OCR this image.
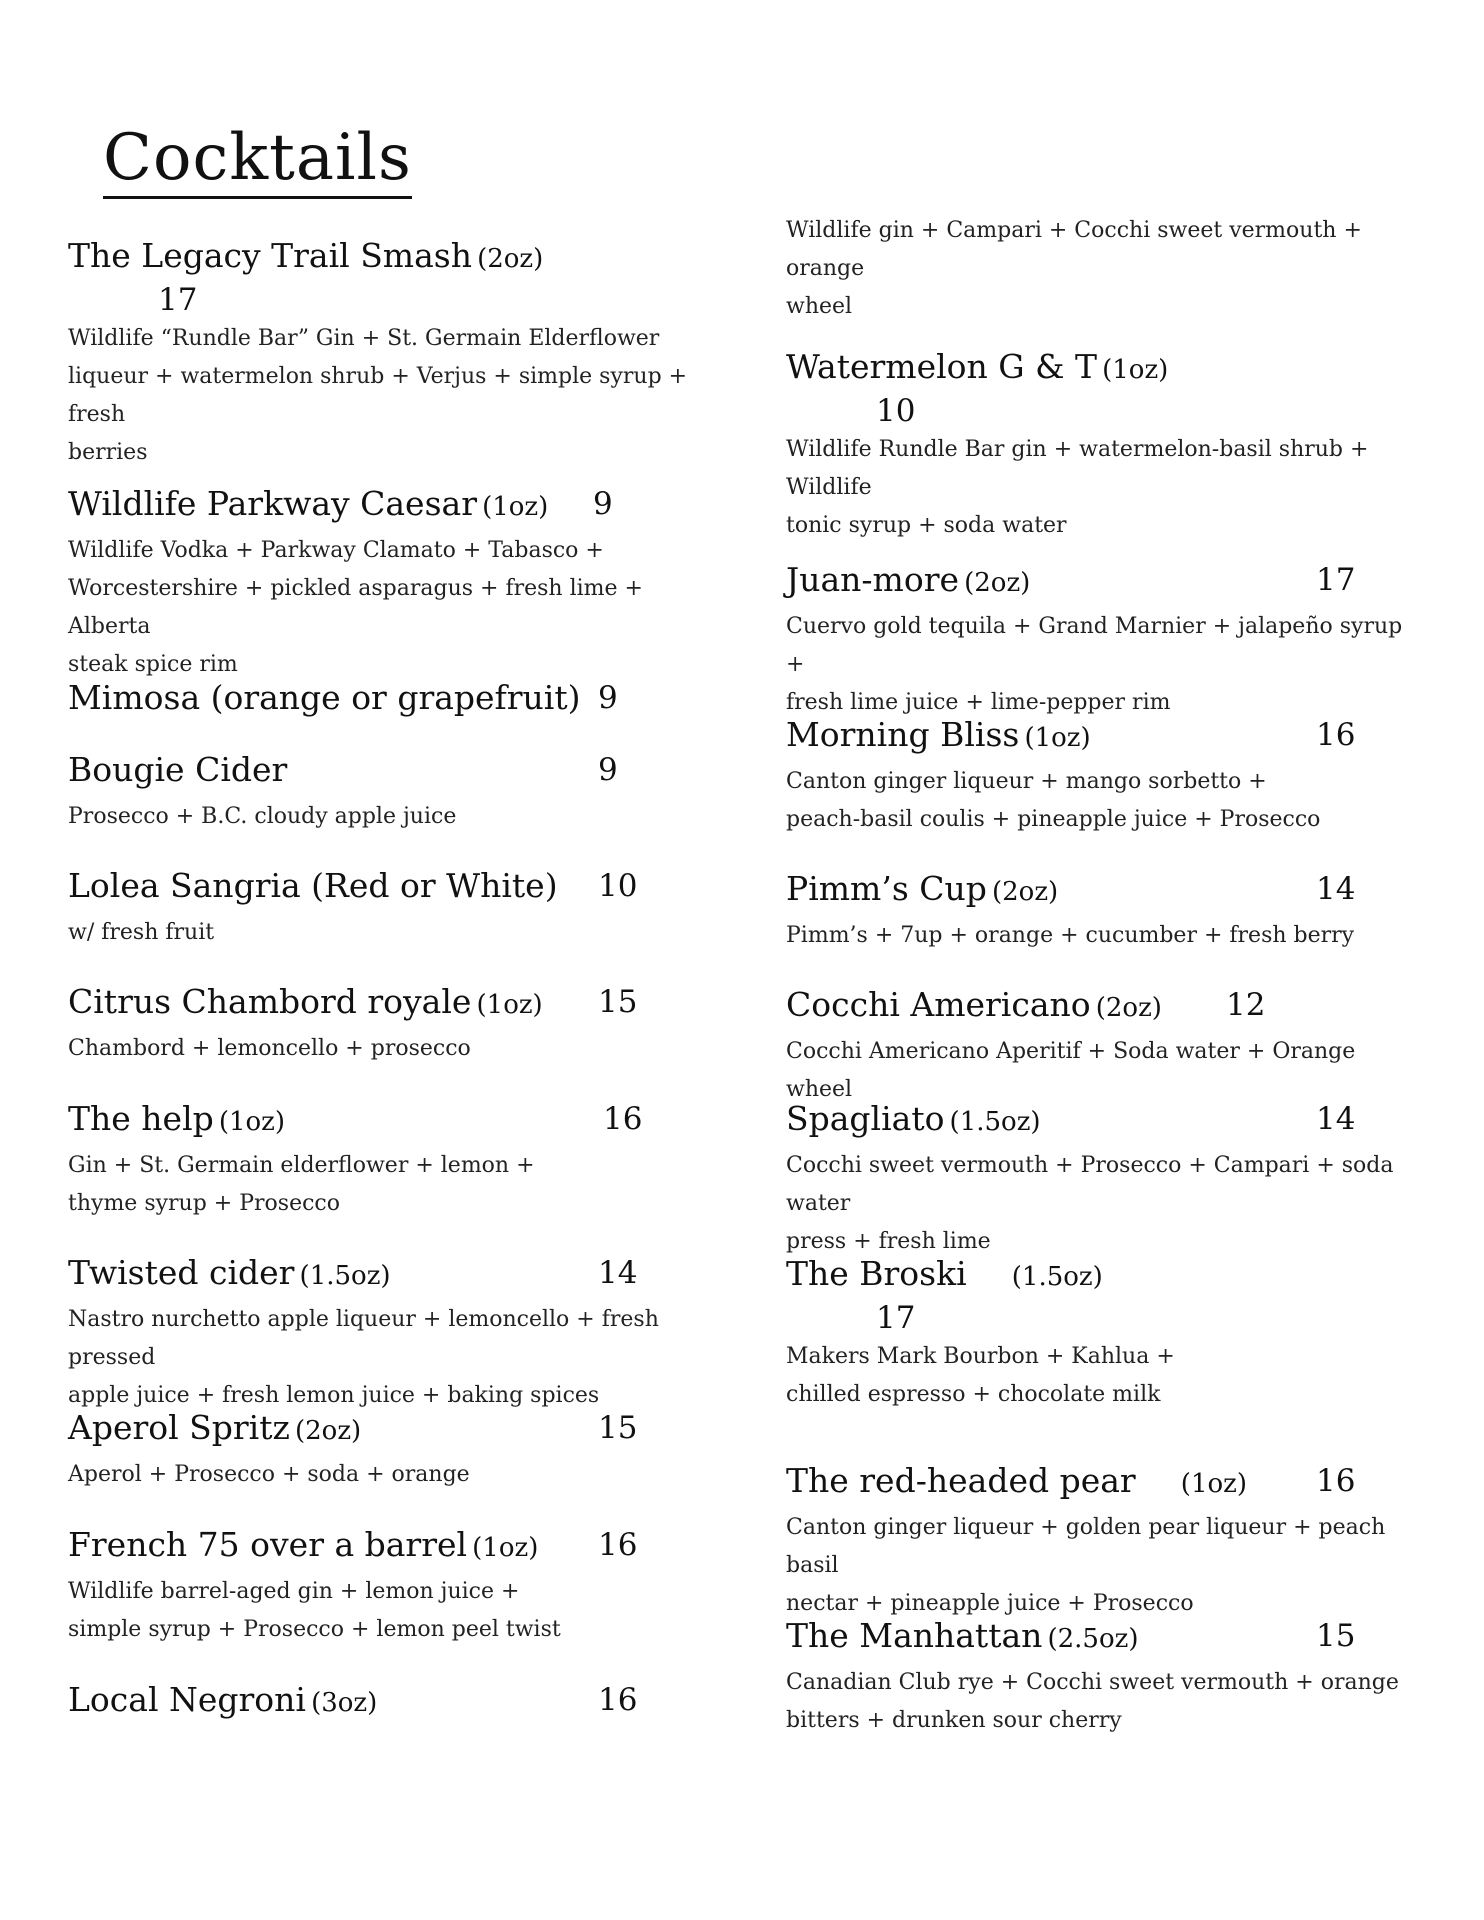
Cocktails
The Legacy Trail Smash (2oz)
17
Wildlife “Rundle Bar” Gin + St. Germain Elderflower
liqueur + watermelon shrub + Verjus + simple syrup + fresh
berries
Wildlife Parkway Caesar (1oz) 9
Wildlife Vodka + Parkway Clamato + Tabasco +
Worcestershire + pickled asparagus + fresh lime + Alberta
steak spice rim
Mimosa (orange or grapefruit) 9
Bougie Cider	9
Prosecco + B.C. cloudy apple juice
Lolea Sangria (Red or White) 10
w/ fresh fruit
Citrus Chambord royale (1oz) 15
Chambord + lemoncello + prosecco
The help (1oz)	16
Gin + St. Germain elderflower + lemon +
thyme syrup + Prosecco
Twisted cider (1.5oz)	14
Nastro nurchetto apple liqueur + lemoncello + fresh pressed
apple juice + fresh lemon juice + baking spices
Aperol Spritz (2oz)	15
Aperol + Prosecco + soda + orange
French 75 over a barrel (1oz) 16
Wildlife barrel-aged gin + lemon juice +
simple syrup + Prosecco + lemon peel twist
Local Negroni (3oz)	16
Wildlife gin + Campari + Cocchi sweet vermouth + orange
wheel
Watermelon G & T (1oz)
10
Wildlife Rundle Bar gin + watermelon-basil shrub + Wildlife
tonic syrup + soda water
Juan-more (2oz)	17
Cuervo gold tequila + Grand Marnier + jalapeño syrup +
fresh lime juice + lime-pepper rim
Morning Bliss (1oz)	16
Canton ginger liqueur + mango sorbetto +
peach-basil coulis + pineapple juice + Prosecco
Pimm’s Cup (2oz)	14
Pimm’s + 7up + orange + cucumber + fresh berry
Cocchi Americano (2oz) 12
Cocchi Americano Aperitif + Soda water + Orange wheel
Spagliato (1.5oz)	14
Cocchi sweet vermouth + Prosecco + Campari + soda water
press + fresh lime
The Broski (1.5oz)
17
Makers Mark Bourbon + Kahlua +
chilled espresso + chocolate milk
The red-headed pear (1oz) 16
Canton ginger liqueur + golden pear liqueur + peach basil
nectar + pineapple juice + Prosecco
The Manhattan (2.5oz)	15
Canadian Club rye + Cocchi sweet vermouth + orange
bitters + drunken sour cherry
